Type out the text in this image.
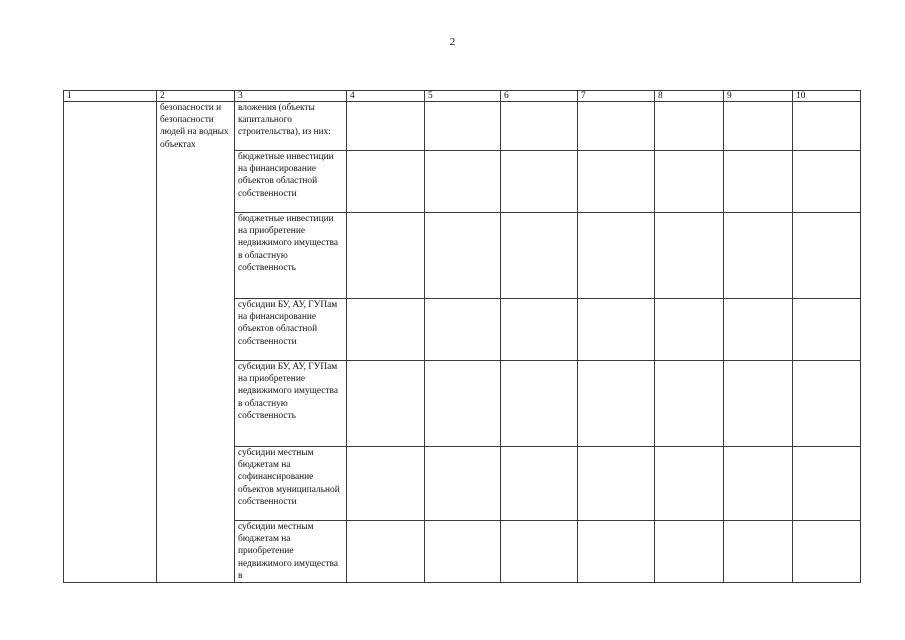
2
1	2	3	4	5	6	7	8	9	10
	безопасности и безопасности людей на водных объектах	вложения (объекты капитального строительства), из них:							
		бюджетные инвестиции на финансирование объектов областной собственности							
		бюджетные инвестиции на приобретение недвижимого имущества в областную собственность							
		субсидии БУ, АУ, ГУПам на финансирование объектов областной собственности							
		субсидии БУ, АУ, ГУПам на приобретение недвижимого имущества в областную собственность							
		субсидии местным бюджетам на софинансирование объектов муниципальной собственности							
		субсидии местным бюджетам на приобретение недвижимого имущества в							
